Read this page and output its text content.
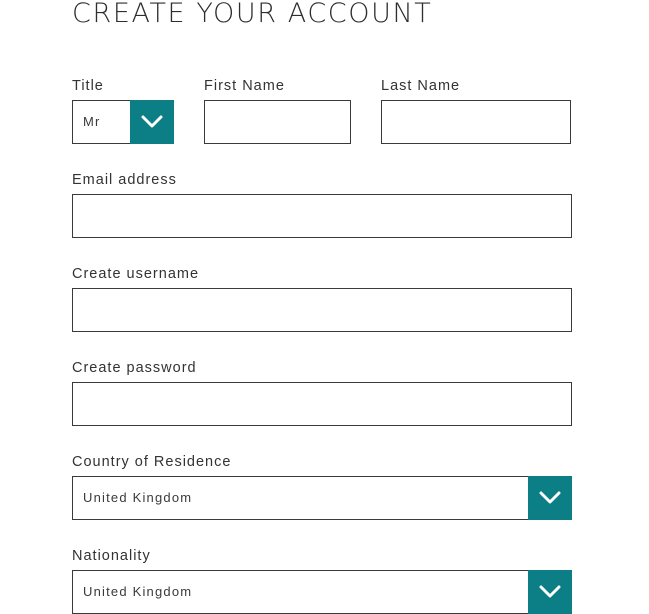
CREATE YOUR ACCOUNT
Title
Mr
First Name	Last Name
Email address
Create username
Create password
Country of Residence
United Kingdom
Nationality
United Kingdom
